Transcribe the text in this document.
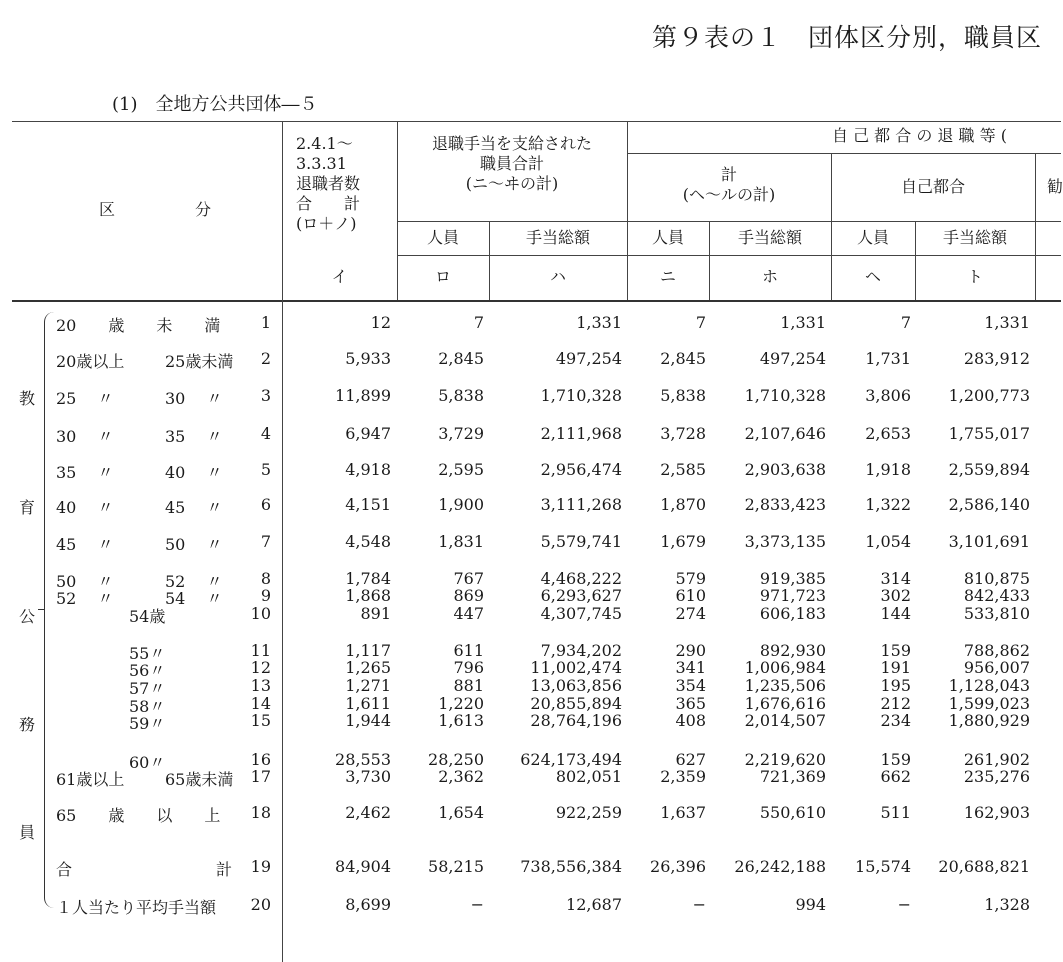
第９表の１　団体区分別，職員区
(1)　全地方公共団体―５
区　　　　　分
2.4.1～
3.3.31
退職者数
合　　計
(ロ＋ノ)
退職手当を支給された
職員合計
(ニ～ヰの計)
自 己 都 合 の 退 職 等 (
計
(ヘ～ルの計)	自己都合	勧
人員	手当総額	人員	手当総額	人員	手当総額
イ	ロ	ハ	ニ	ホ	ヘ	ト
20　　歳　　未　　満	1	12	7	1,331	7	1,331	7	1,331
20歳以上	25歳未満	2	5,933	2,845	497,254 2,845	497,254 1,731	283,912
25　 〃	30　 〃	3	11,899	5,838	1,710,328 5,838 1,710,328 3,806 1,200,773
30　 〃	35　 〃	4	6,947	3,729	2,111,968 3,728 2,107,646 2,653 1,755,017
35　 〃	40　 〃	5	4,918	2,595	2,956,474 2,585 2,903,638 1,918 2,559,894
40　 〃	45　 〃	6	4,151	1,900	3,111,268 1,870 2,833,423 1,322 2,586,140
45　 〃	50　 〃	7	4,548	1,831	5,579,741 1,679 3,373,135 1,054 3,101,691
50　 〃	52　 〃	8	1,784	767	4,468,222	579	919,385	314	810,875
52　 〃	54　 〃	9	1,868	869	6,293,627	610	971,723	302	842,433
54歳	10	891	447	4,307,745	274	606,183	144	533,810
55〃	11	1,117	611	7,934,202	290	892,930	159	788,862
56〃	12	1,265	796	11,002,474	341 1,006,984	191	956,007
57〃	13	1,271	881	13,063,856	354 1,235,506	195 1,128,043
58〃	14	1,611	1,220	20,855,894	365 1,676,616	212 1,599,023
59〃	15	1,944	1,613	28,764,196	408 2,014,507	234 1,880,929
60〃	16	28,553 28,250 624,173,494	627 2,219,620	159	261,902
61歳以上	65歳未満 17	3,730	2,362	802,051 2,359	721,369	662	235,276
65　　歳　　以　　上 18	2,462	1,654	922,259 1,637	550,610	511	162,903
合　　　　　　　　　計 19	84,904 58,215 738,556,384 26,396 26,242,188 15,574 20,688,821
１人当たり平均手当額 20	8,699	−	12,687	−	994	−	1,328
教
育
公
務
員
